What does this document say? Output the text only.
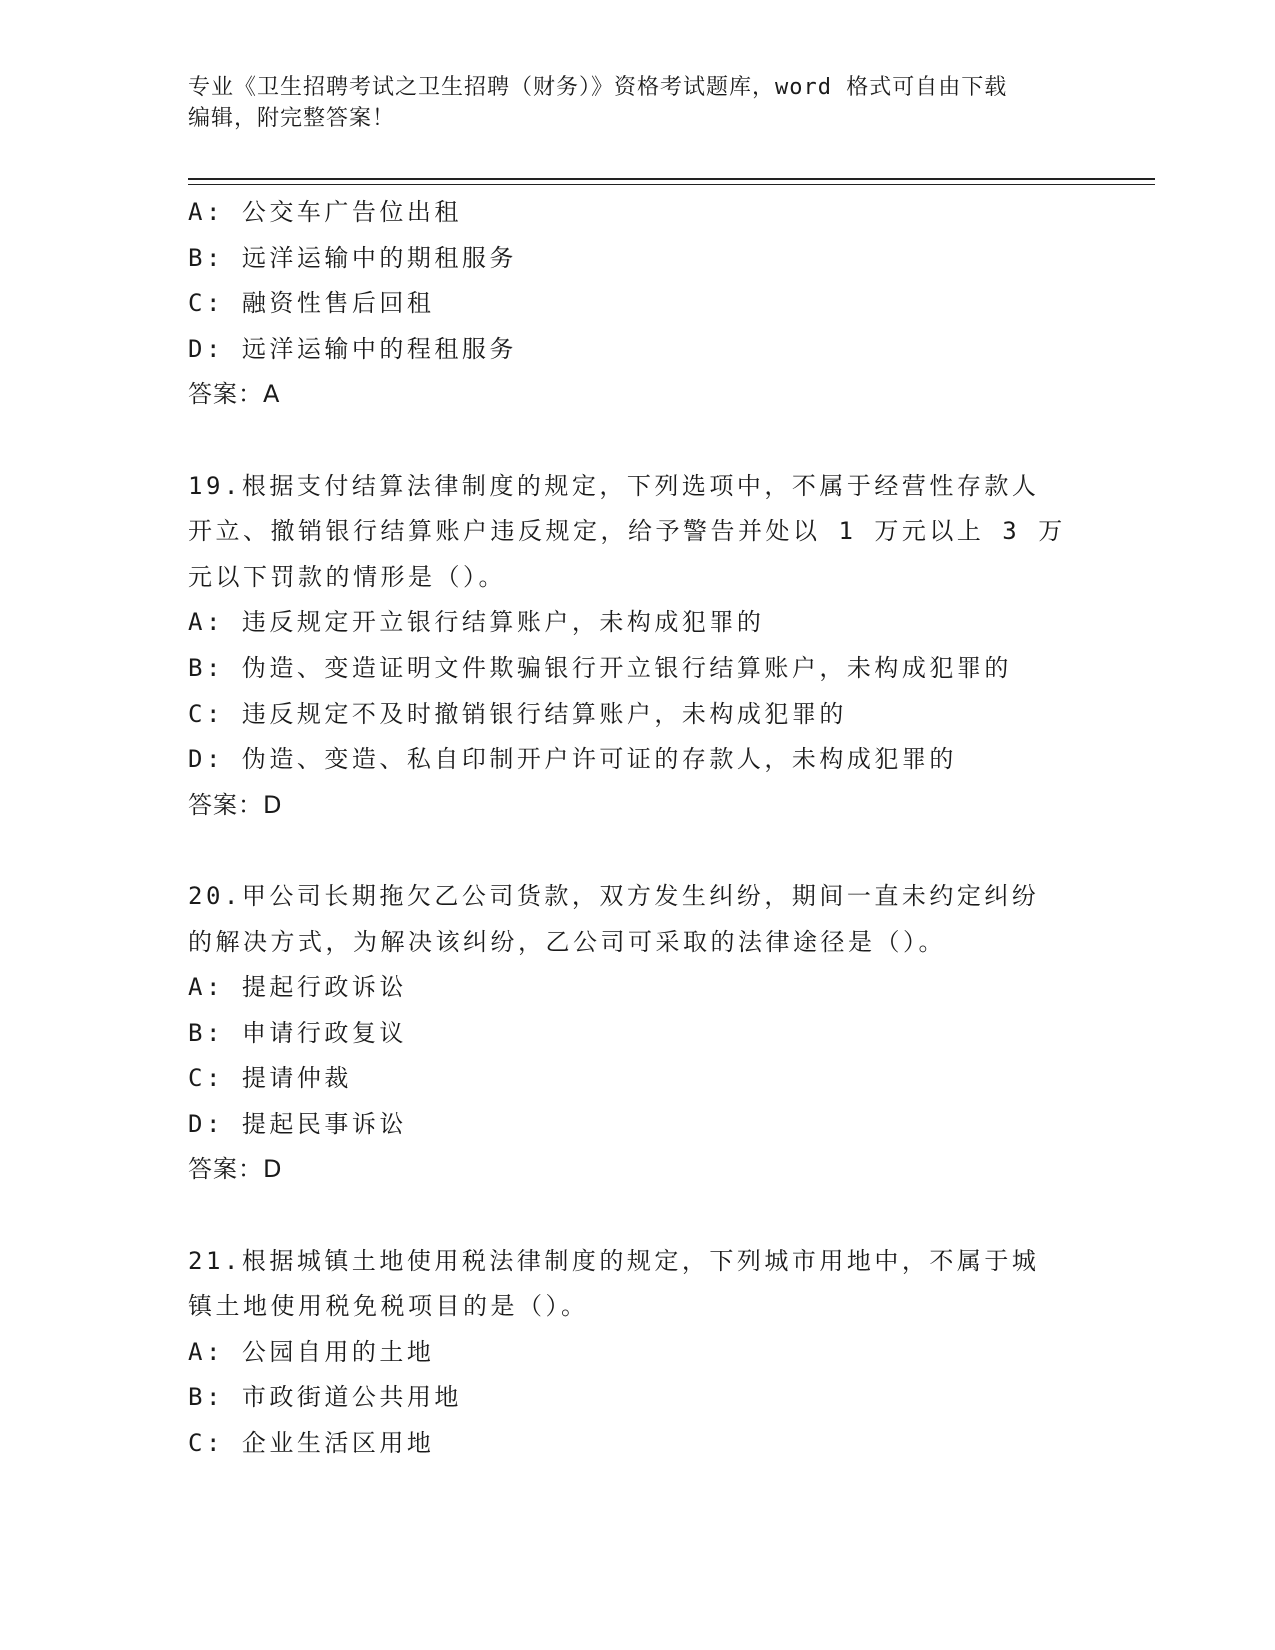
专业《卫生招聘考试之卫生招聘（财务）》资格考试题库，word 格式可自由下载
编辑，附完整答案！
A: 公交车广告位出租
B: 远洋运输中的期租服务
C: 融资性售后回租
D: 远洋运输中的程租服务
答案：A
19.根据支付结算法律制度的规定，下列选项中，不属于经营性存款人
开立、撤销银行结算账户违反规定，给予警告并处以 1 万元以上 3 万
元以下罚款的情形是（）。
A: 违反规定开立银行结算账户，未构成犯罪的
B: 伪造、变造证明文件欺骗银行开立银行结算账户，未构成犯罪的
C: 违反规定不及时撤销银行结算账户，未构成犯罪的
D: 伪造、变造、私自印制开户许可证的存款人，未构成犯罪的
答案：D
20.甲公司长期拖欠乙公司货款，双方发生纠纷，期间一直未约定纠纷
的解决方式，为解决该纠纷，乙公司可采取的法律途径是（）。
A: 提起行政诉讼
B: 申请行政复议
C: 提请仲裁
D: 提起民事诉讼
答案：D
21.根据城镇土地使用税法律制度的规定，下列城市用地中，不属于城
镇土地使用税免税项目的是（）。
A: 公园自用的土地
B: 市政街道公共用地
C: 企业生活区用地
